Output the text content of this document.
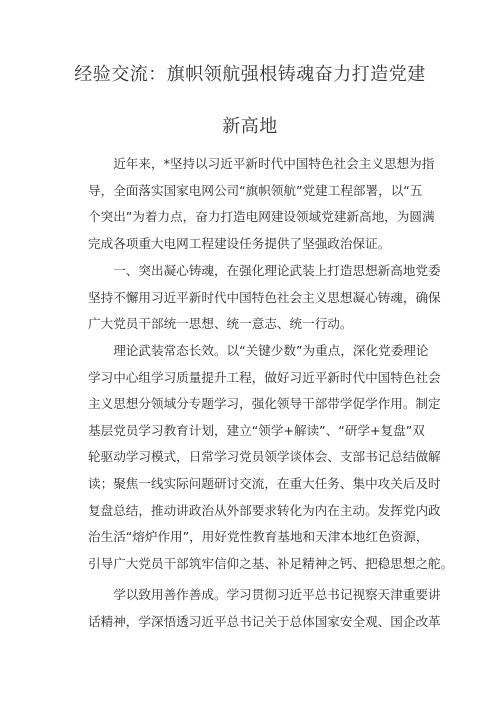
经验交流：旗帜领航强根铸魂奋力打造党建
新高地
　　近年来，*坚持以习近平新时代中国特色社会主义思想为指
导，全面落实国家电网公司“旗帜领航”党建工程部署，以“五
个突出”为着力点，奋力打造电网建设领域党建新高地，为圆满
完成各项重大电网工程建设任务提供了坚强政治保证。
　　一、突出凝心铸魂，在强化理论武装上打造思想新高地党委
坚持不懈用习近平新时代中国特色社会主义思想凝心铸魂，确保
广大党员干部统一思想、统一意志、统一行动。
　　理论武装常态长效。以“关键少数”为重点，深化党委理论
学习中心组学习质量提升工程，做好习近平新时代中国特色社会
主义思想分领域分专题学习，强化领导干部带学促学作用。制定
基层党员学习教育计划，建立“领学+解读”、“研学+复盘”双
轮驱动学习模式，日常学习党员领学谈体会、支部书记总结做解
读；聚焦一线实际问题研讨交流，在重大任务、集中攻关后及时
复盘总结，推动讲政治从外部要求转化为内在主动。发挥党内政
治生活“熔炉作用”，用好党性教育基地和天津本地红色资源，
引导广大党员干部筑牢信仰之基、补足精神之钙、把稳思想之舵。
　　学以致用善作善成。学习贯彻习近平总书记视察天津重要讲
话精神，学深悟透习近平总书记关于总体国家安全观、国企改革
